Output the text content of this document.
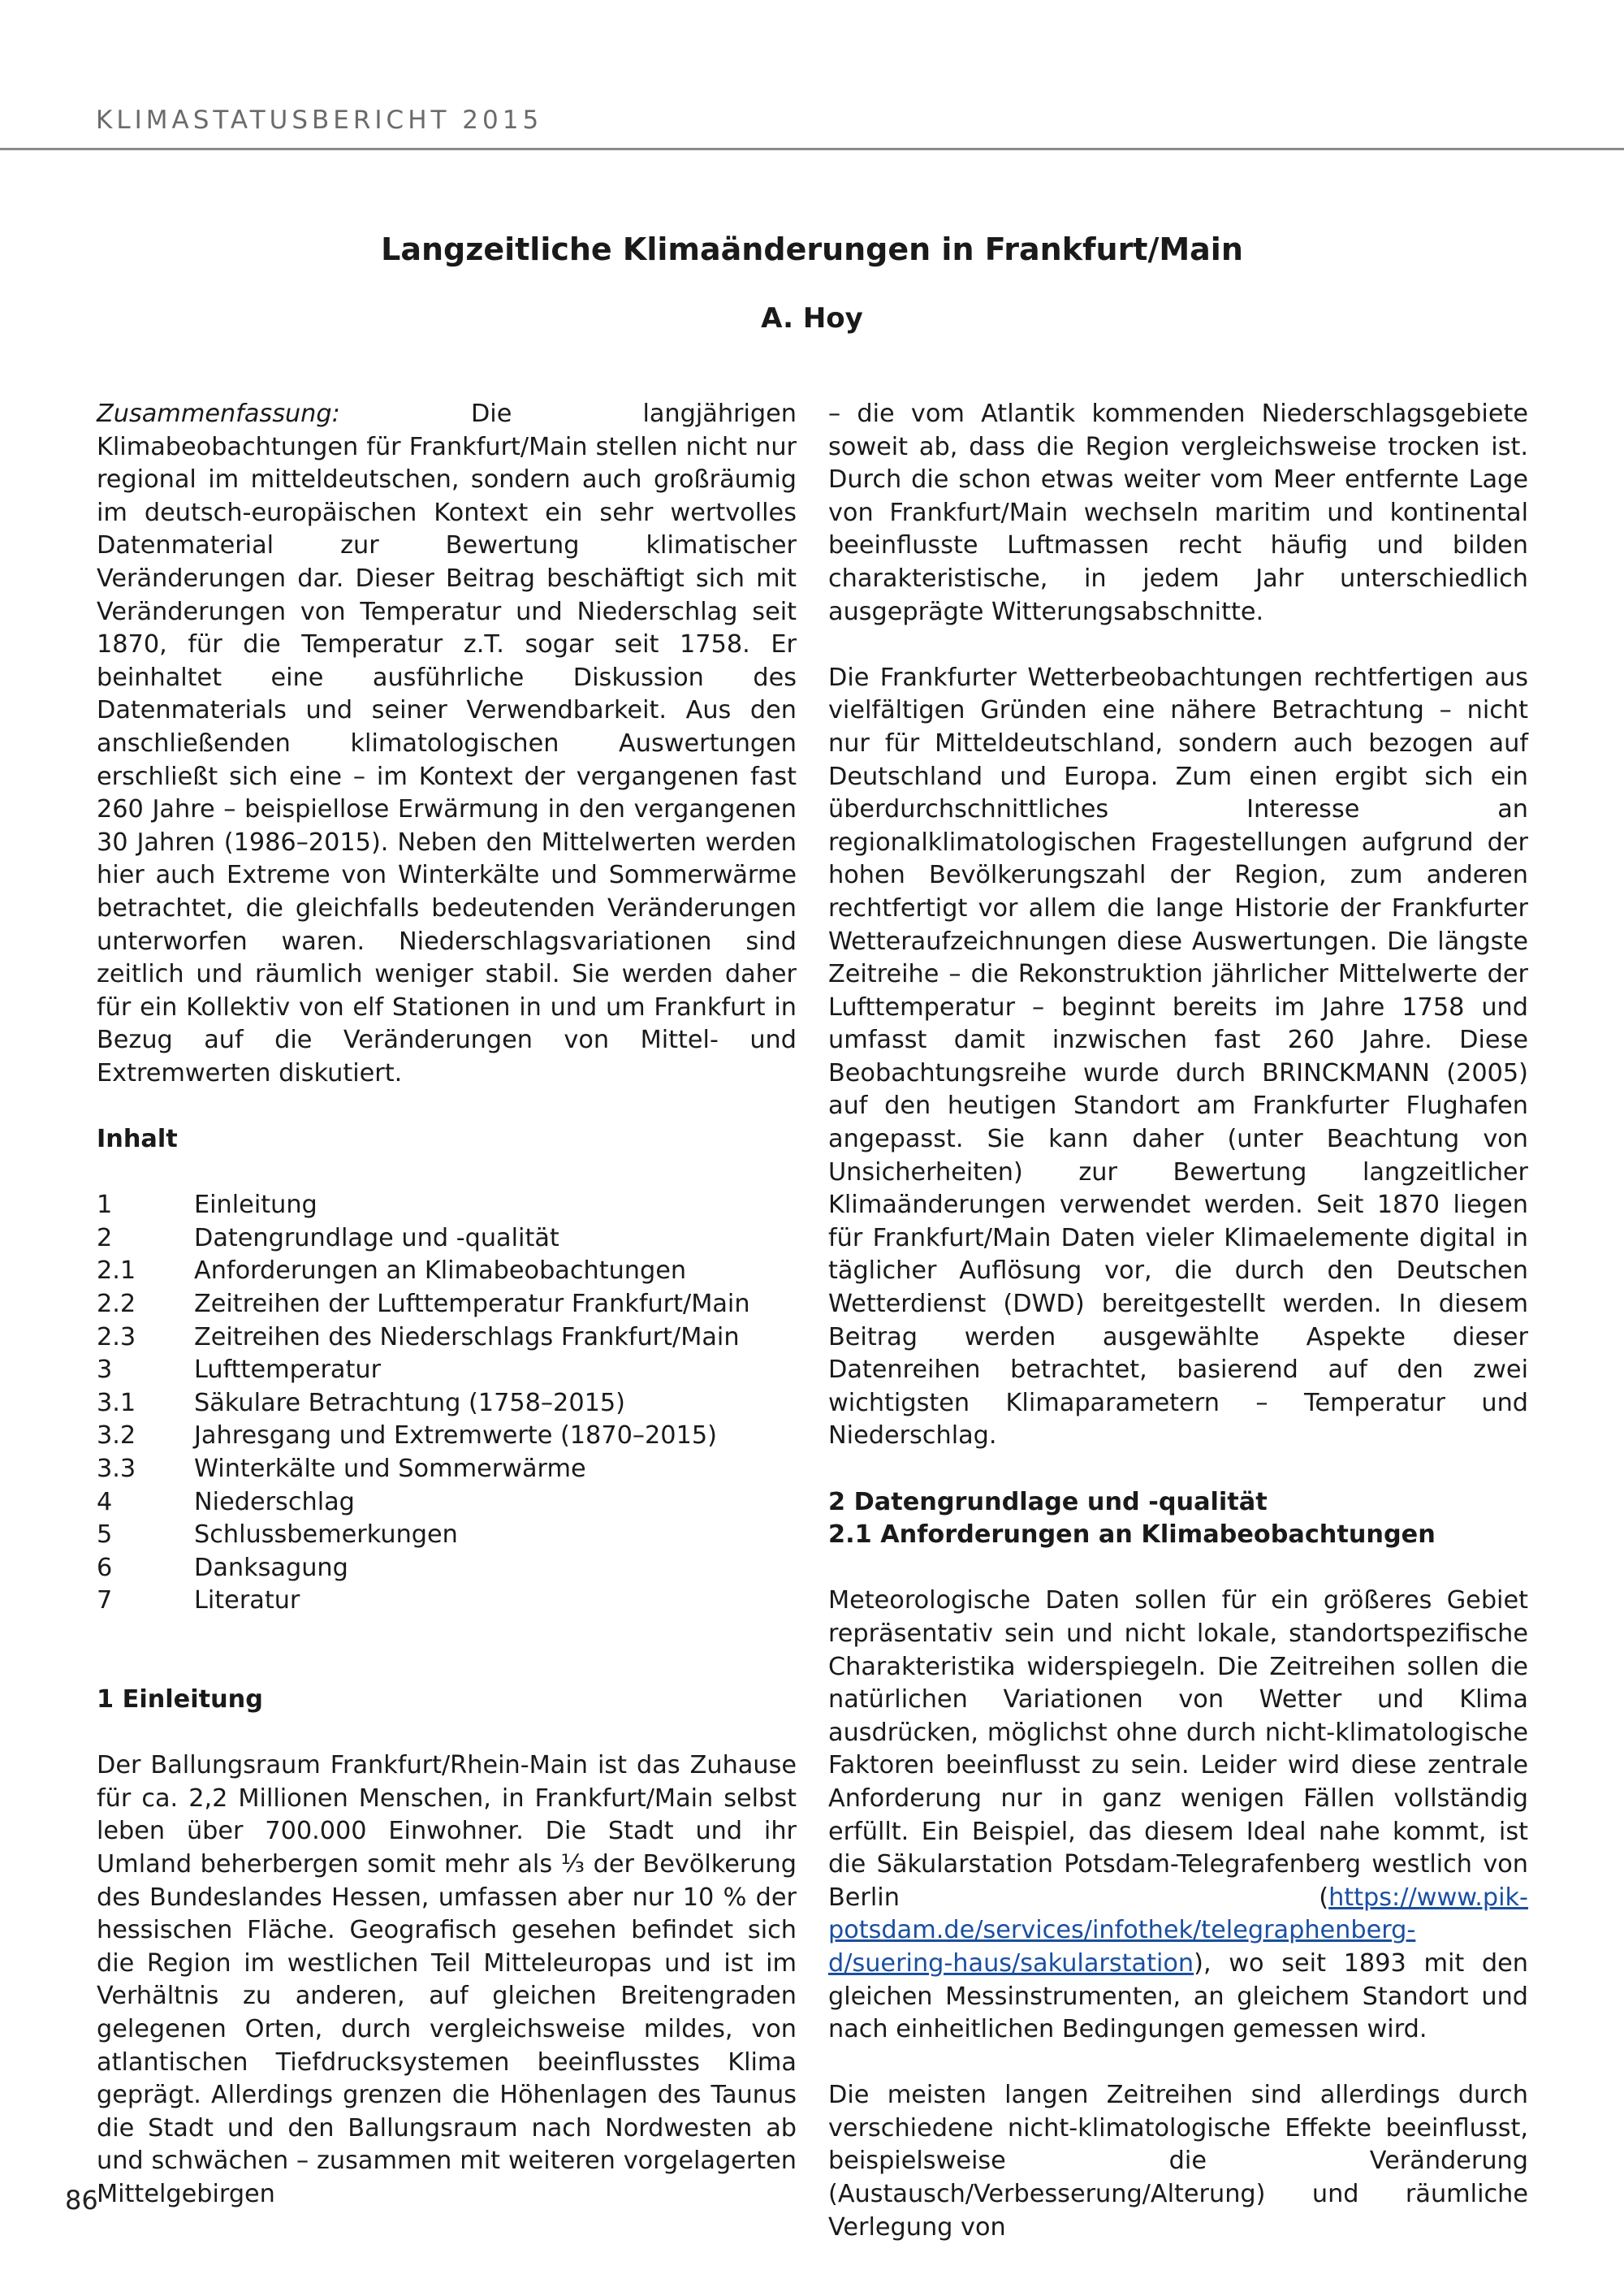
KLIMASTATUSBERICHT 2015
Langzeitliche Klimaänderungen in Frankfurt/Main
A. Hoy

Zusammenfassung: Die langjährigen Klimabeobachtungen für Frankfurt/Main stellen nicht nur regional im mitteldeutschen, sondern auch großräumig im deutsch-europäischen Kontext ein sehr wertvolles Datenmaterial zur Bewertung klimatischer Veränderungen dar. Dieser Beitrag beschäftigt sich mit Veränderungen von Temperatur und Niederschlag seit 1870, für die Temperatur z.T. sogar seit 1758. Er beinhaltet eine ausführliche Diskussion des Datenmaterials und seiner Verwendbarkeit. Aus den anschließenden klimatologischen Auswertungen erschließt sich eine – im Kontext der vergangenen fast 260 Jahre – beispiellose Erwärmung in den vergangenen 30 Jahren (1986–2015). Neben den Mittelwerten werden hier auch Extreme von Winterkälte und Sommerwärme betrachtet, die gleichfalls bedeutenden Veränderungen unterworfen waren. Niederschlagsvariationen sind zeitlich und räumlich weniger stabil. Sie werden daher für ein Kollektiv von elf Stationen in und um Frankfurt in Bezug auf die Veränderungen von Mittel- und Extremwerten diskutiert.

Inhalt
1	Einleitung
2	Datengrundlage und -qualität
2.1	Anforderungen an Klimabeobachtungen
2.2	Zeitreihen der Lufttemperatur Frankfurt/Main
2.3	Zeitreihen des Niederschlags Frankfurt/Main
3	Lufttemperatur
3.1	Säkulare Betrachtung (1758–2015)
3.2	Jahresgang und Extremwerte (1870–2015)
3.3	Winterkälte und Sommerwärme
4	Niederschlag
5	Schlussbemerkungen
6	Danksagung
7	Literatur
1 Einleitung

Der Ballungsraum Frankfurt/Rhein-Main ist das Zuhause für ca. 2,2 Millionen Menschen, in Frankfurt/Main selbst leben über 700.000 Einwohner. Die Stadt und ihr Umland beherbergen somit mehr als ⅓ der Bevölkerung des Bundeslandes Hessen, umfassen aber nur 10 % der hessischen Fläche. Geografisch gesehen befindet sich die Region im westlichen Teil Mitteleuropas und ist im Verhältnis zu anderen, auf gleichen Breitengraden gelegenen Orten, durch vergleichsweise mildes, von atlantischen Tiefdrucksystemen beeinflusstes Klima geprägt. Allerdings grenzen die Höhenlagen des Taunus die Stadt und den Ballungsraum nach Nordwesten ab und schwächen – zusammen mit weiteren vorgelagerten Mittelgebirgen

– die vom Atlantik kommenden Niederschlagsgebiete soweit ab, dass die Region vergleichsweise trocken ist. Durch die schon etwas weiter vom Meer entfernte Lage von Frankfurt/Main wechseln maritim und kontinental beeinflusste Luftmassen recht häufig und bilden charakteristische, in jedem Jahr unterschiedlich ausgeprägte Witterungsabschnitte.

Die Frankfurter Wetterbeobachtungen rechtfertigen aus vielfältigen Gründen eine nähere Betrachtung – nicht nur für Mitteldeutschland, sondern auch bezogen auf Deutschland und Europa. Zum einen ergibt sich ein überdurchschnittliches Interesse an regionalklimatologischen Fragestellungen aufgrund der hohen Bevölkerungszahl der Region, zum anderen rechtfertigt vor allem die lange Historie der Frankfurter Wetteraufzeichnungen diese Auswertungen. Die längste Zeitreihe – die Rekonstruktion jährlicher Mittelwerte der Lufttemperatur – beginnt bereits im Jahre 1758 und umfasst damit inzwischen fast 260 Jahre. Diese Beobachtungsreihe wurde durch BRINCKMANN (2005) auf den heutigen Standort am Frankfurter Flughafen angepasst. Sie kann daher (unter Beachtung von Unsicherheiten) zur Bewertung langzeitlicher Klimaänderungen verwendet werden. Seit 1870 liegen für Frankfurt/Main Daten vieler Klimaelemente digital in täglicher Auflösung vor, die durch den Deutschen Wetterdienst (DWD) bereitgestellt werden. In diesem Beitrag werden ausgewählte Aspekte dieser Datenreihen betrachtet, basierend auf den zwei wichtigsten Klimaparametern – Temperatur und Niederschlag.

2 Datengrundlage und -qualität
2.1 Anforderungen an Klimabeobachtungen

Meteorologische Daten sollen für ein größeres Gebiet repräsentativ sein und nicht lokale, standortspezifische Charakteristika widerspiegeln. Die Zeitreihen sollen die natürlichen Variationen von Wetter und Klima ausdrücken, möglichst ohne durch nicht-klimatologische Faktoren beeinflusst zu sein. Leider wird diese zentrale Anforderung nur in ganz wenigen Fällen vollständig erfüllt. Ein Beispiel, das diesem Ideal nahe kommt, ist die Säkularstation Potsdam-Telegrafenberg westlich von Berlin (https://www.pik-potsdam.de/services/infothek/telegraphenberg-d/suering-haus/sakularstation), wo seit 1893 mit den gleichen Messinstrumenten, an gleichem Standort und nach einheitlichen Bedingungen gemessen wird.

Die meisten langen Zeitreihen sind allerdings durch verschiedene nicht-klimatologische Effekte beeinflusst, beispielsweise die Veränderung (Austausch/Verbesserung/Alterung) und räumliche Verlegung von

86
